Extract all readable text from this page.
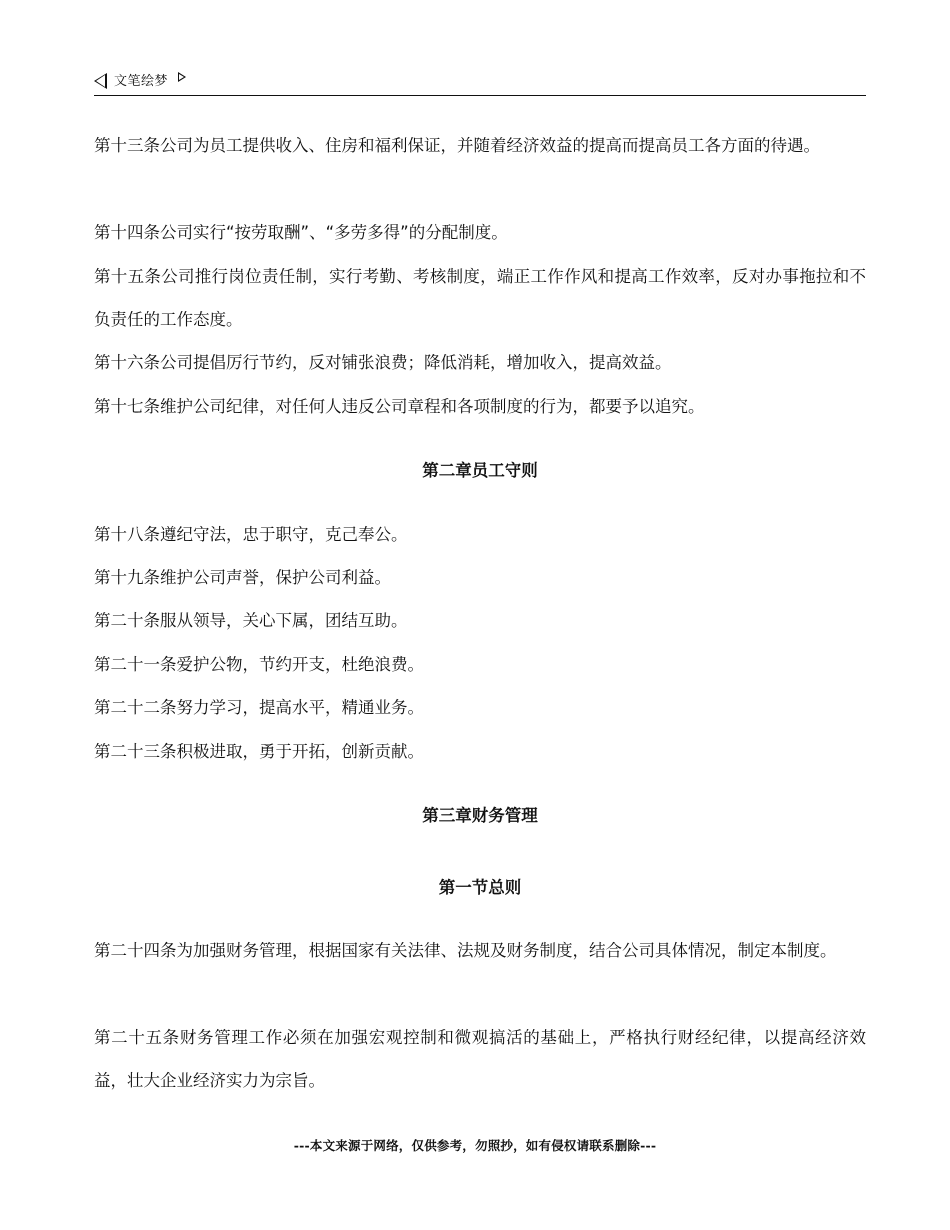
文笔绘梦

第十三条公司为员工提供收入、住房和福利保证，并随着经济效益的提高而提高员工各方面的待遇。

第十四条公司实行“按劳取酬”、“多劳多得”的分配制度。

第十五条公司推行岗位责任制，实行考勤、考核制度，端正工作作风和提高工作效率，反对办事拖拉和不负责任的工作态度。

第十六条公司提倡厉行节约，反对铺张浪费；降低消耗，增加收入，提高效益。

第十七条维护公司纪律，对任何人违反公司章程和各项制度的行为，都要予以追究。

第二章员工守则

第十八条遵纪守法，忠于职守，克己奉公。

第十九条维护公司声誉，保护公司利益。

第二十条服从领导，关心下属，团结互助。

第二十一条爱护公物，节约开支，杜绝浪费。

第二十二条努力学习，提高水平，精通业务。

第二十三条积极进取，勇于开拓，创新贡献。

第三章财务管理
第一节总则

第二十四条为加强财务管理，根据国家有关法律、法规及财务制度，结合公司具体情况，制定本制度。

第二十五条财务管理工作必须在加强宏观控制和微观搞活的基础上，严格执行财经纪律，以提高经济效益，壮大企业经济实力为宗旨。

---本文来源于网络，仅供参考，勿照抄，如有侵权请联系删除---
